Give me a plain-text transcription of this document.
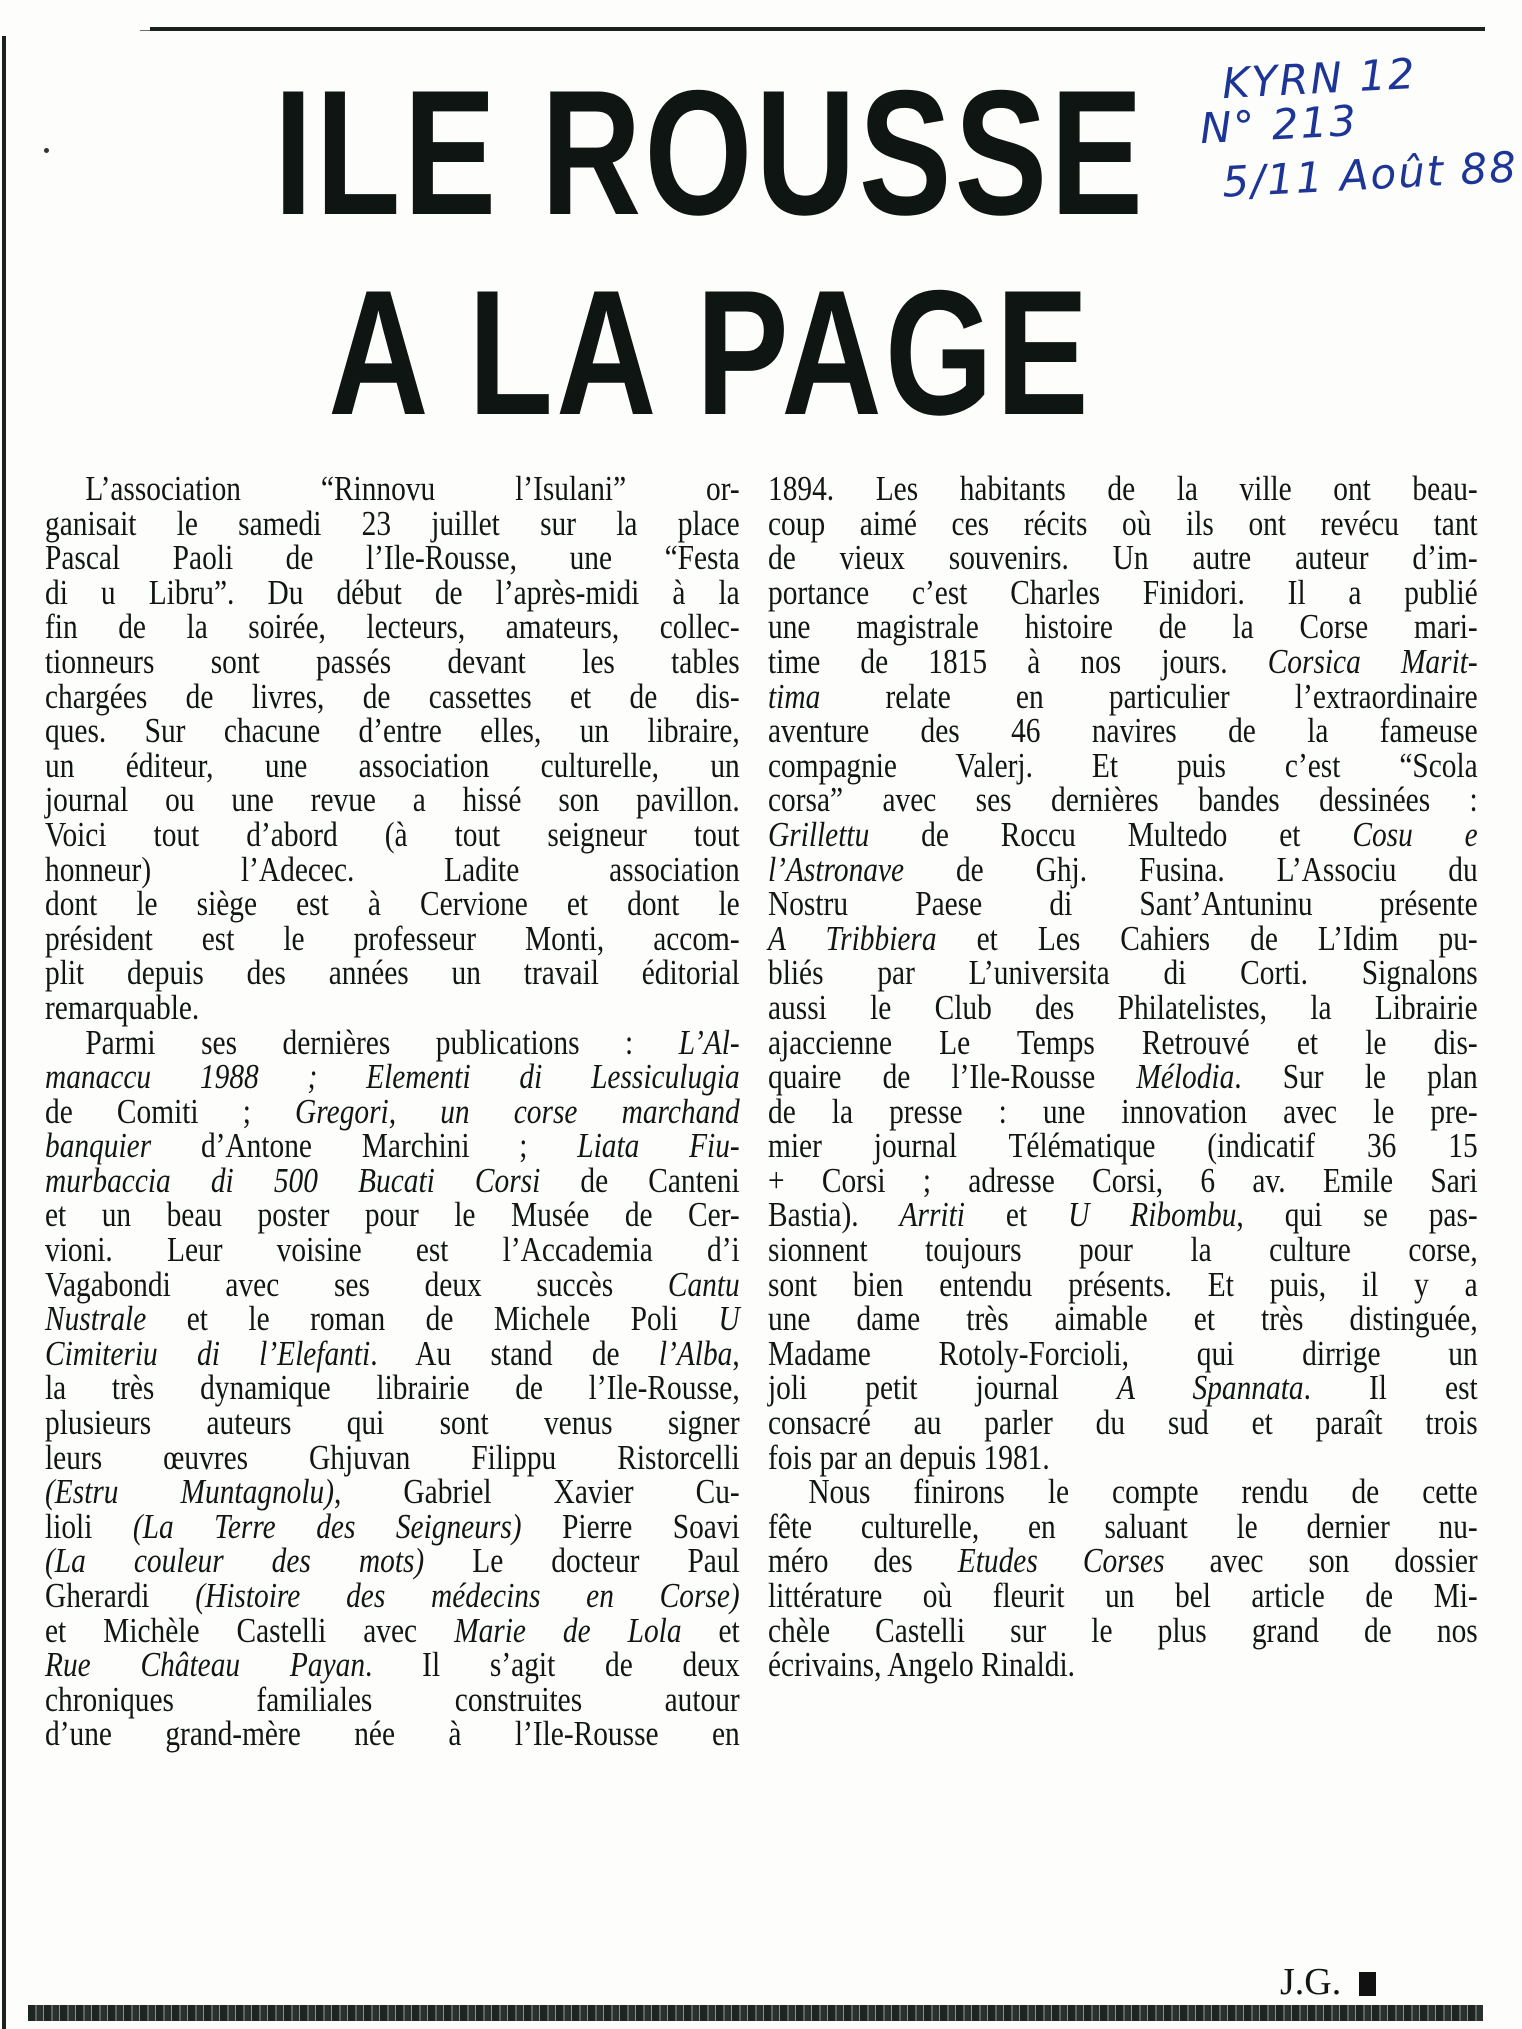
ILE ROUSSE
A LA PAGE
KYRN 12
N° 213
5/11 Août 88
L’association “Rinnovu l’Isulani” or-
ganisait le samedi 23 juillet sur la place
Pascal Paoli de l’Ile-Rousse, une “Festa
di u Libru”. Du début de l’après-midi à la
fin de la soirée, lecteurs, amateurs, collec-
tionneurs sont passés devant les tables
chargées de livres, de cassettes et de dis-
ques. Sur chacune d’entre elles, un libraire,
un éditeur, une association culturelle, un
journal ou une revue a hissé son pavillon.
Voici tout d’abord (à tout seigneur tout
honneur) l’Adecec. Ladite association
dont le siège est à Cervione et dont le
président est le professeur Monti, accom-
plit depuis des années un travail éditorial
remarquable.
Parmi ses dernières publications : L’Al-
manaccu 1988 ; Elementi di Lessiculugia
de Comiti ; Gregori, un corse marchand
banquier d’Antone Marchini ; Liata Fiu-
murbaccia di 500 Bucati Corsi de Canteni
et un beau poster pour le Musée de Cer-
vioni. Leur voisine est l’Accademia d’i
Vagabondi avec ses deux succès Cantu
Nustrale et le roman de Michele Poli U
Cimiteriu di l’Elefanti. Au stand de l’Alba,
la très dynamique librairie de l’Ile-Rousse,
plusieurs auteurs qui sont venus signer
leurs œuvres Ghjuvan Filippu Ristorcelli
(Estru Muntagnolu), Gabriel Xavier Cu-
lioli (La Terre des Seigneurs) Pierre Soavi
(La couleur des mots) Le docteur Paul
Gherardi (Histoire des médecins en Corse)
et Michèle Castelli avec Marie de Lola et
Rue Château Payan. Il s’agit de deux
chroniques familiales construites autour
d’une grand-mère née à l’Ile-Rousse en
1894. Les habitants de la ville ont beau-
coup aimé ces récits où ils ont revécu tant
de vieux souvenirs. Un autre auteur d’im-
portance c’est Charles Finidori. Il a publié
une magistrale histoire de la Corse mari-
time de 1815 à nos jours. Corsica Marit-
tima relate en particulier l’extraordinaire
aventure des 46 navires de la fameuse
compagnie Valerj. Et puis c’est “Scola
corsa” avec ses dernières bandes dessinées :
Grillettu de Roccu Multedo et Cosu e
l’Astronave de Ghj. Fusina. L’Associu du
Nostru Paese di Sant’Antuninu présente
A Tribbiera et Les Cahiers de L’Idim pu-
bliés par L’universita di Corti. Signalons
aussi le Club des Philatelistes, la Librairie
ajaccienne Le Temps Retrouvé et le dis-
quaire de l’Ile-Rousse Mélodia. Sur le plan
de la presse : une innovation avec le pre-
mier journal Télématique (indicatif 36 15
+ Corsi ; adresse Corsi, 6 av. Emile Sari
Bastia). Arriti et U Ribombu, qui se pas-
sionnent toujours pour la culture corse,
sont bien entendu présents. Et puis, il y a
une dame très aimable et très distinguée,
Madame Rotoly-Forcioli, qui dirrige un
joli petit journal A Spannata. Il est
consacré au parler du sud et paraît trois
fois par an depuis 1981.
Nous finirons le compte rendu de cette
fête culturelle, en saluant le dernier nu-
méro des Etudes Corses avec son dossier
littérature où fleurit un bel article de Mi-
chèle Castelli sur le plus grand de nos
écrivains, Angelo Rinaldi.
J.G.
